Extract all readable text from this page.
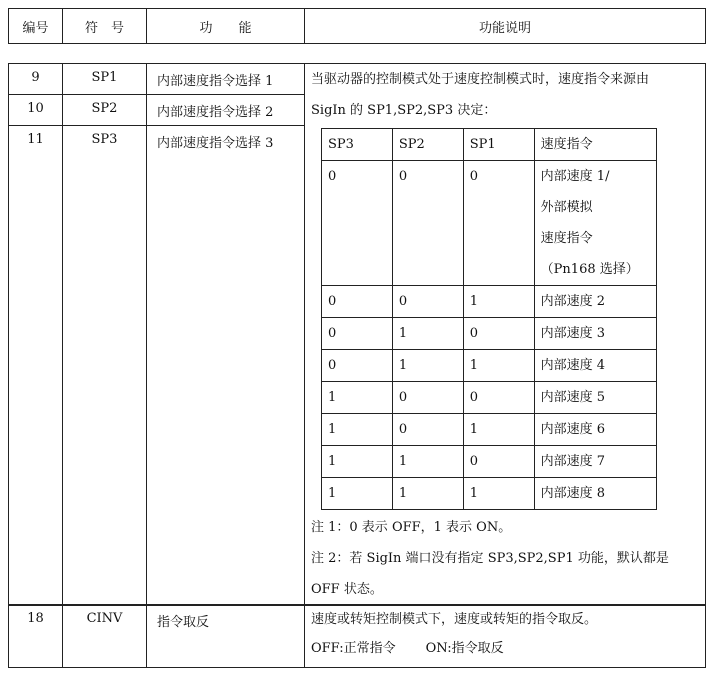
编号	符　号	功　　能	功能说明
9	SP1	内部速度指令选择 1	当驱动器的控制模式处于速度控制模式时，速度指令来源由

SigIn 的 SP1,SP2,SP3 决定：

SP3	SP2	SP1	速度指令
0	0	0	内部速度 1/
外部模拟
速度指令
（Pn168 选择）

0	0	1	内部速度 2
0	1	0	内部速度 3
0	1	1	内部速度 4
1	0	0	内部速度 5
1	0	1	内部速度 6
1	1	0	内部速度 7
1	1	1	内部速度 8

注 1：0 表示 OFF，1 表示 ON。

注 2：若 SigIn 端口没有指定 SP3,SP2,SP1 功能，默认都是

OFF 状态。

10	SP2	内部速度指令选择 2
11	SP3	内部速度指令选择 3
18	CINV	指令取反	速度或转矩控制模式下，速度或转矩的指令取反。
OFF:正常指令 ON:指令取反
